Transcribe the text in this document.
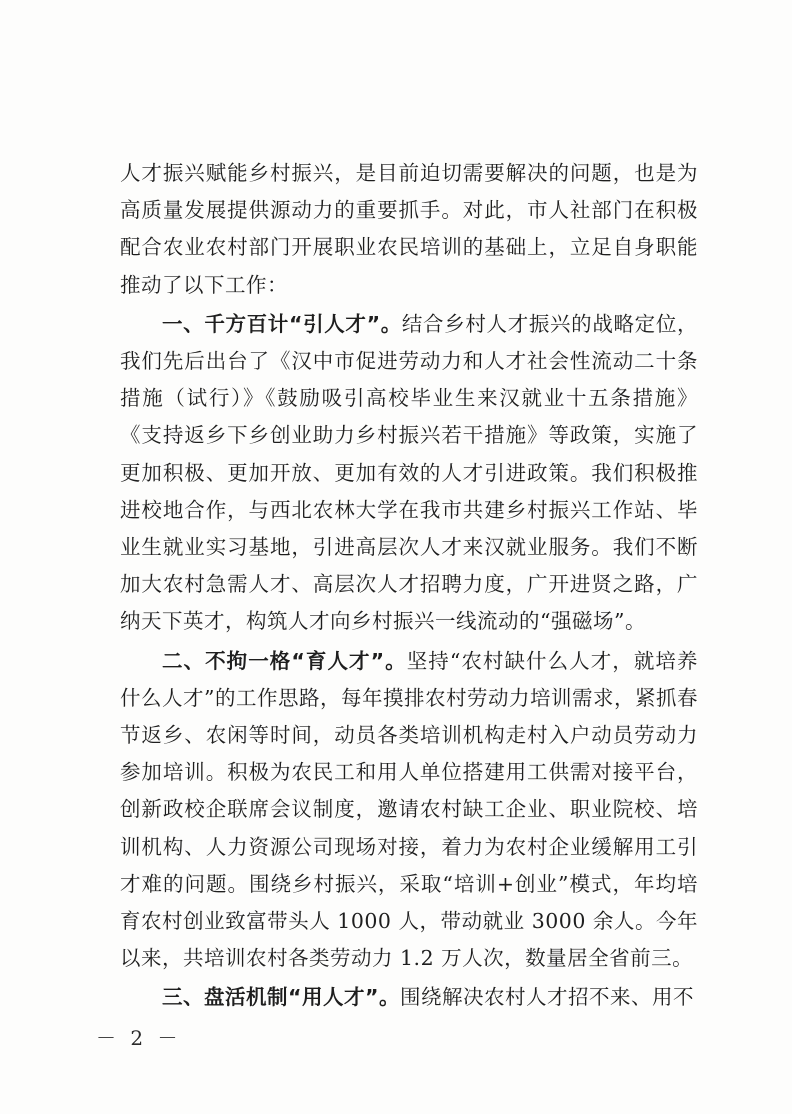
人才振兴赋能乡村振兴，是目前迫切需要解决的问题，也是为高质量发展提供源动力的重要抓手。对此，市人社部门在积极配合农业农村部门开展职业农民培训的基础上，立足自身职能推动了以下工作：

一、千方百计“引人才”。结合乡村人才振兴的战略定位，我们先后出台了《汉中市促进劳动力和人才社会性流动二十条措施（试行）》《鼓励吸引高校毕业生来汉就业十五条措施》《支持返乡下乡创业助力乡村振兴若干措施》等政策，实施了更加积极、更加开放、更加有效的人才引进政策。我们积极推进校地合作，与西北农林大学在我市共建乡村振兴工作站、毕业生就业实习基地，引进高层次人才来汉就业服务。我们不断加大农村急需人才、高层次人才招聘力度，广开进贤之路，广纳天下英才，构筑人才向乡村振兴一线流动的“强磁场”。

二、不拘一格“育人才”。坚持“农村缺什么人才，就培养什么人才”的工作思路，每年摸排农村劳动力培训需求，紧抓春节返乡、农闲等时间，动员各类培训机构走村入户动员劳动力参加培训。积极为农民工和用人单位搭建用工供需对接平台，创新政校企联席会议制度，邀请农村缺工企业、职业院校、培训机构、人力资源公司现场对接，着力为农村企业缓解用工引才难的问题。围绕乡村振兴，采取“培训+创业”模式，年均培育农村创业致富带头人 1000 人，带动就业 3000 余人。今年以来，共培训农村各类劳动力 1.2 万人次，数量居全省前三。

三、盘活机制“用人才”。围绕解决农村人才招不来、用不

－ 2 －
